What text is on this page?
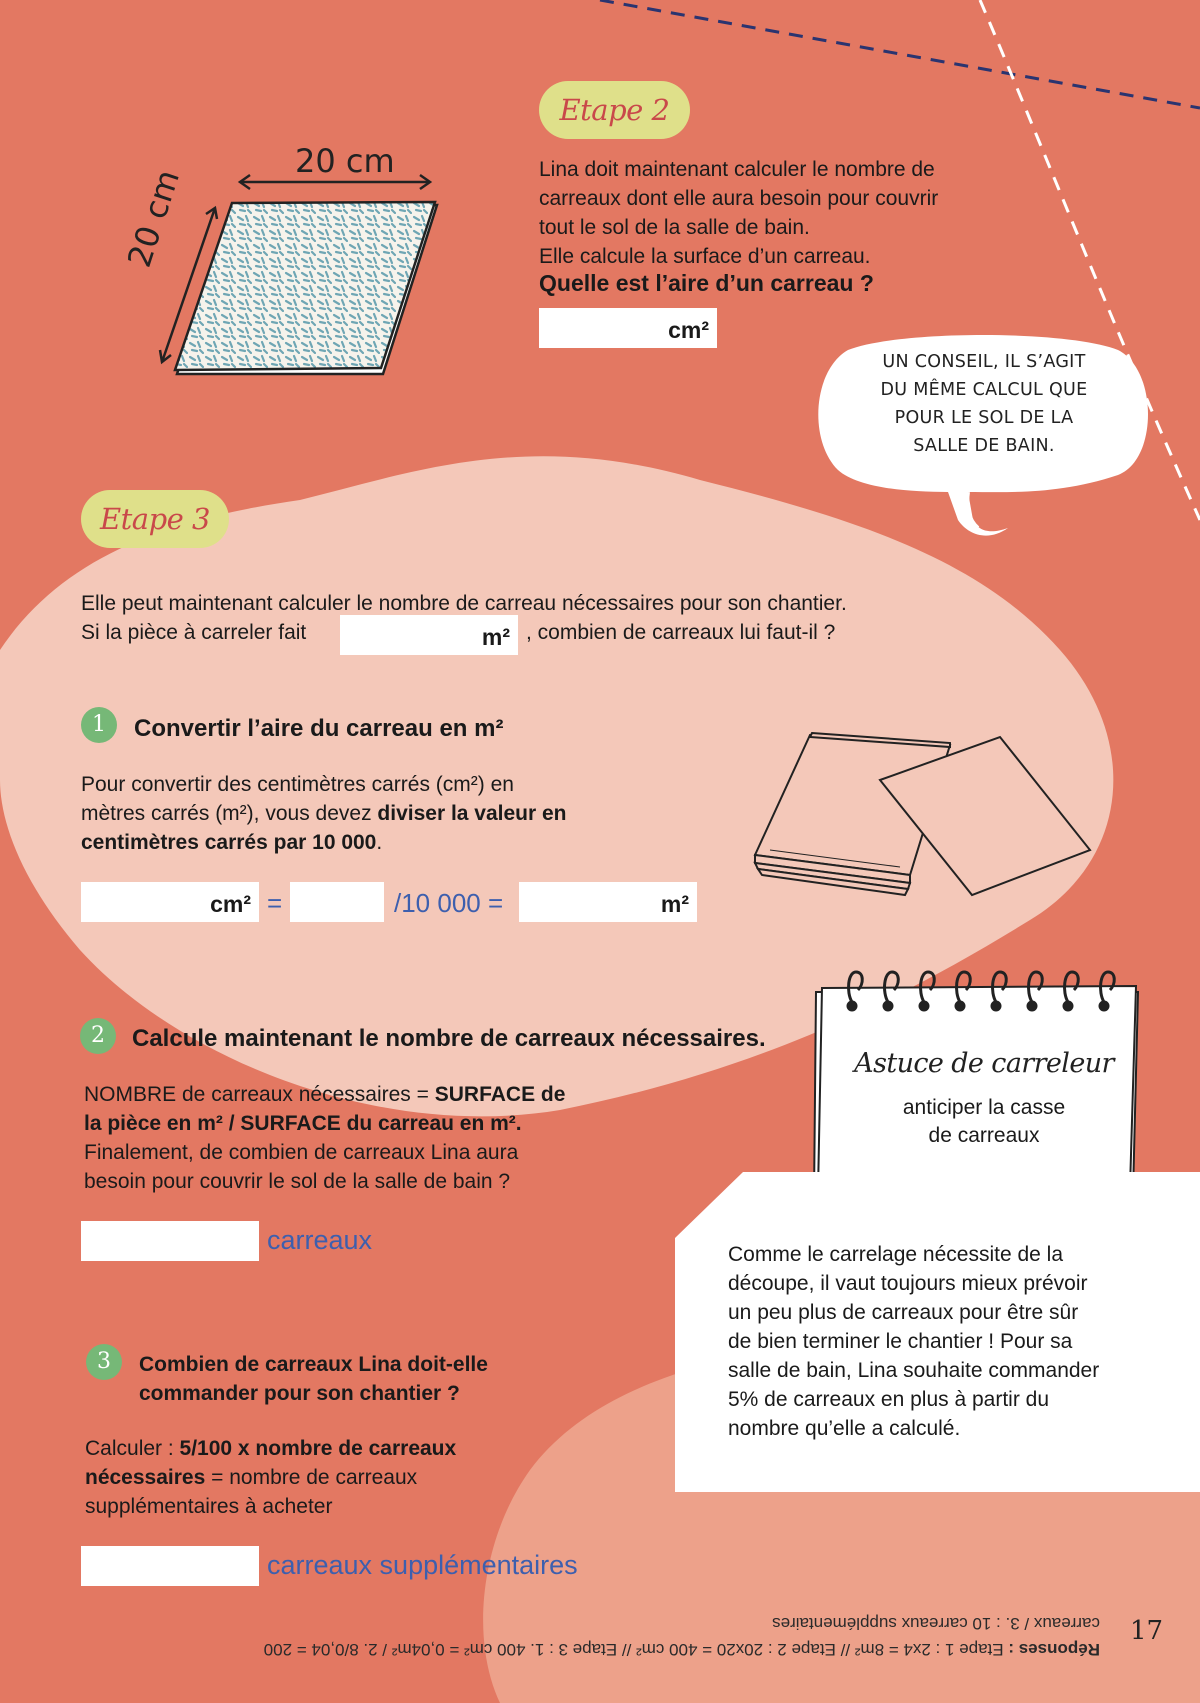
20 cm
20 cm
Etape 2
Lina doit maintenant calculer le nombre de
carreaux dont elle aura besoin pour couvrir
tout le sol de la salle de bain.
Elle calcule la surface d’un carreau.
Quelle est l’aire d’un carreau ?
cm²
UN CONSEIL, IL S’AGIT
DU MÊME CALCUL QUE
POUR LE SOL DE LA
SALLE DE BAIN.
Etape 3
Elle peut maintenant calculer le nombre de carreau nécessaires pour son chantier.
Si la pièce à carreler fait	m² , combien de carreaux lui faut-il ?
1	Convertir l’aire du carreau en m²
Pour convertir des centimètres carrés (cm²) en
mètres carrés (m²), vous devez diviser la valeur en
centimètres carrés par 10 000.
cm² =	/10 000 =	m²
2	Calcule maintenant le nombre de carreaux nécessaires.
NOMBRE de carreaux nécessaires = SURFACE de
la pièce en m² / SURFACE du carreau en m².
Finalement, de combien de carreaux Lina aura
besoin pour couvrir le sol de la salle de bain ?
carreaux
Astuce de carreleur
anticiper la casse
de carreaux
Comme le carrelage nécessite de la
découpe, il vaut toujours mieux prévoir
un peu plus de carreaux pour être sûr
de bien terminer le chantier ! Pour sa
salle de bain, Lina souhaite commander
5% de carreaux en plus à partir du
nombre qu’elle a calculé.
3	Combien de carreaux Lina doit-elle
commander pour son chantier ?
Calculer : 5/100 x nombre de carreaux
nécessaires = nombre de carreaux
supplémentaires à acheter
carreaux supplémentaires
Réponses : Etape 1 : 2x4 = 8m² // Etape 2 : 20x20 = 400 cm² // Etape 3 : 1. 400 cm² = 0,04m² / 2. 8/0,04 = 200
carreaux / 3. : 10 carreaux supplémentaires 17
